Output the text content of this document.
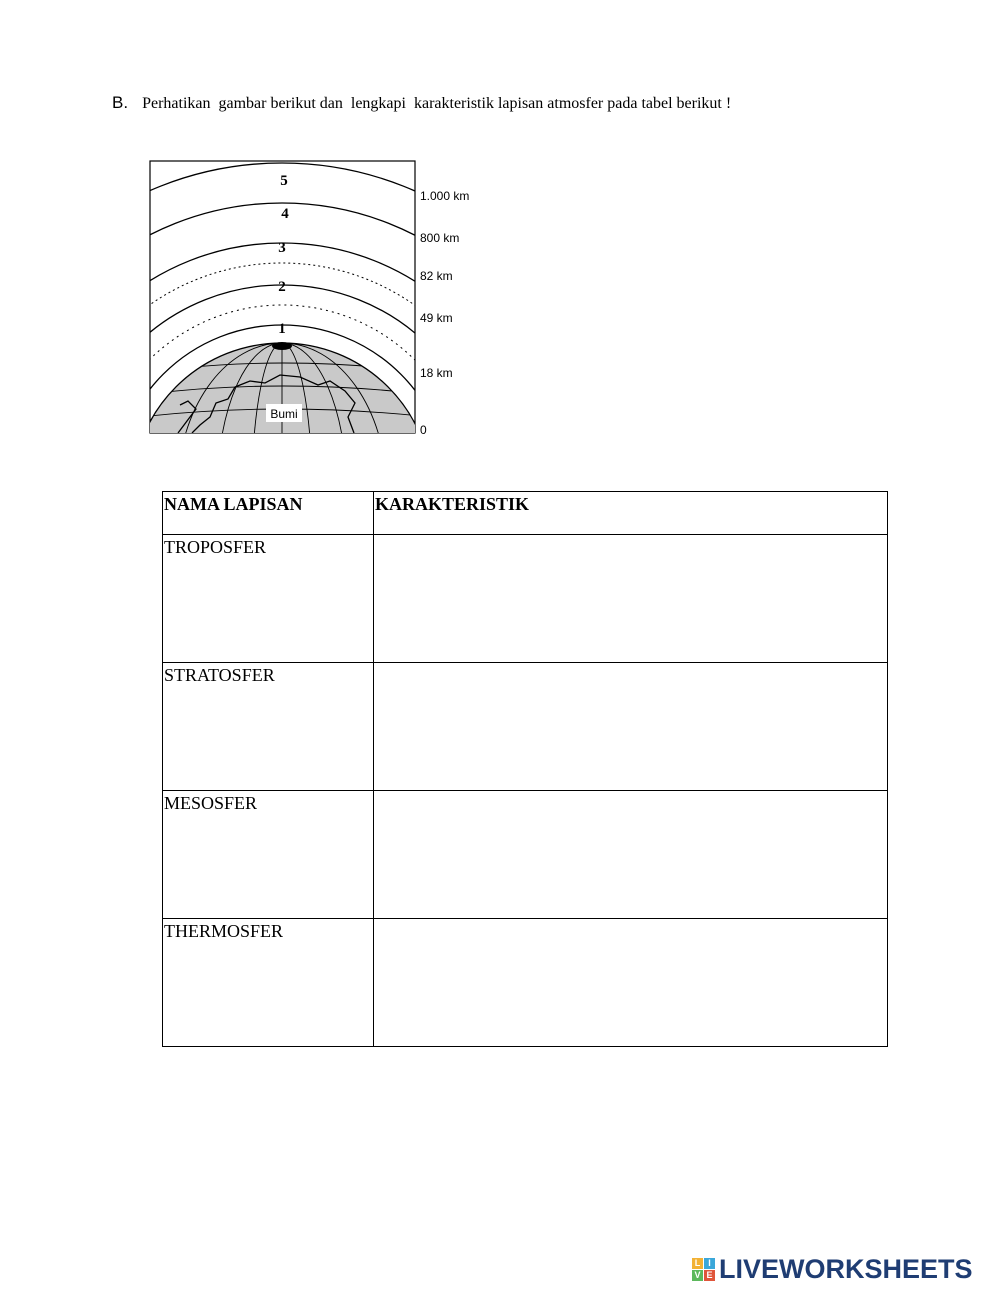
B. Perhatikan  gambar berikut dan  lengkapi  karakteristik lapisan atmosfer pada tabel berikut !
Bumi
1
2
3
4
5
1.000 km
800 km
82 km
49 km
18 km
0
NAMA LAPISAN	KARAKTERISTIK
TROPOSFER	

STRATOSFER	

MESOSFER	

THERMOSFER	
L I
V E LIVEWORKSHEETS
